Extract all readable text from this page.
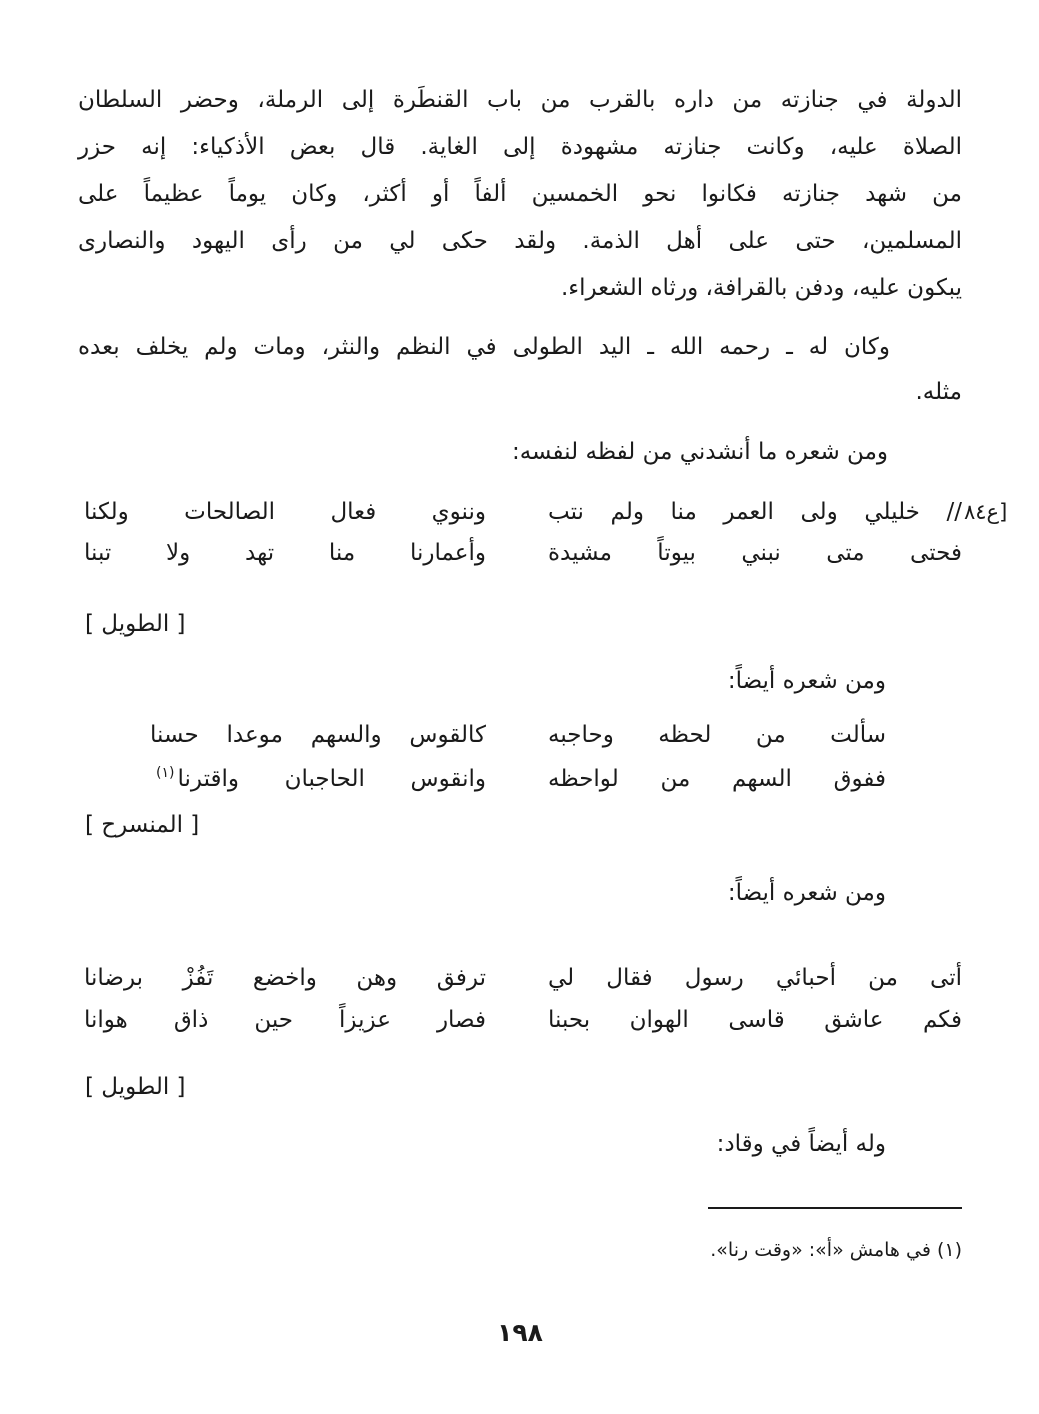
الدولة في جنازته من داره بالقرب من باب القنطَرة إلى الرملة، وحضر السلطان
الصلاة عليه، وكانت جنازته مشهودة إلى الغاية. قال بعض الأذكياء: إنه حزر
من شهد جنازته فكانوا نحو الخمسين ألفاً أو أكثر، وكان يوماً عظيماً على
المسلمين، حتى على أهل الذمة. ولقد حكى لي من رأى اليهود والنصارى
يبكون عليه، ودفن بالقرافة، ورثاه الشعراء.
وكان له ـ رحمه الله ـ اليد الطولى في النظم والنثر، ومات ولم يخلف بعده
مثله.
ومن شعره ما أنشدني من لفظه لنفسه:
٨٤ع]
// خليلي ولى العمر منا ولم نتب
وننوي فعال الصالحات ولكنا
فحتى متى نبني بيوتاً مشيدة
وأعمارنا منا تهد ولا تبنا
[ الطويل ]
ومن شعره أيضاً:
سألت من لحظه وحاجبه
كالقوس والسهم موعدا حسنا
ففوق السهم من لواحظه
وانقوس الحاجبان واقترنا$^{(١)}$
[ المنسرح ]
ومن شعره أيضاً:
أتى من أحبائي رسول فقال لي
ترفق وهن واخضع تَفُزْ برضانا
فكم عاشق قاسى الهوان بحبنا
فصار عزيزاً حين ذاق هوانا
[ الطويل ]
وله أيضاً في وقاد:
(١) في هامش «أ»: «وقت رنا».
١٩٨
